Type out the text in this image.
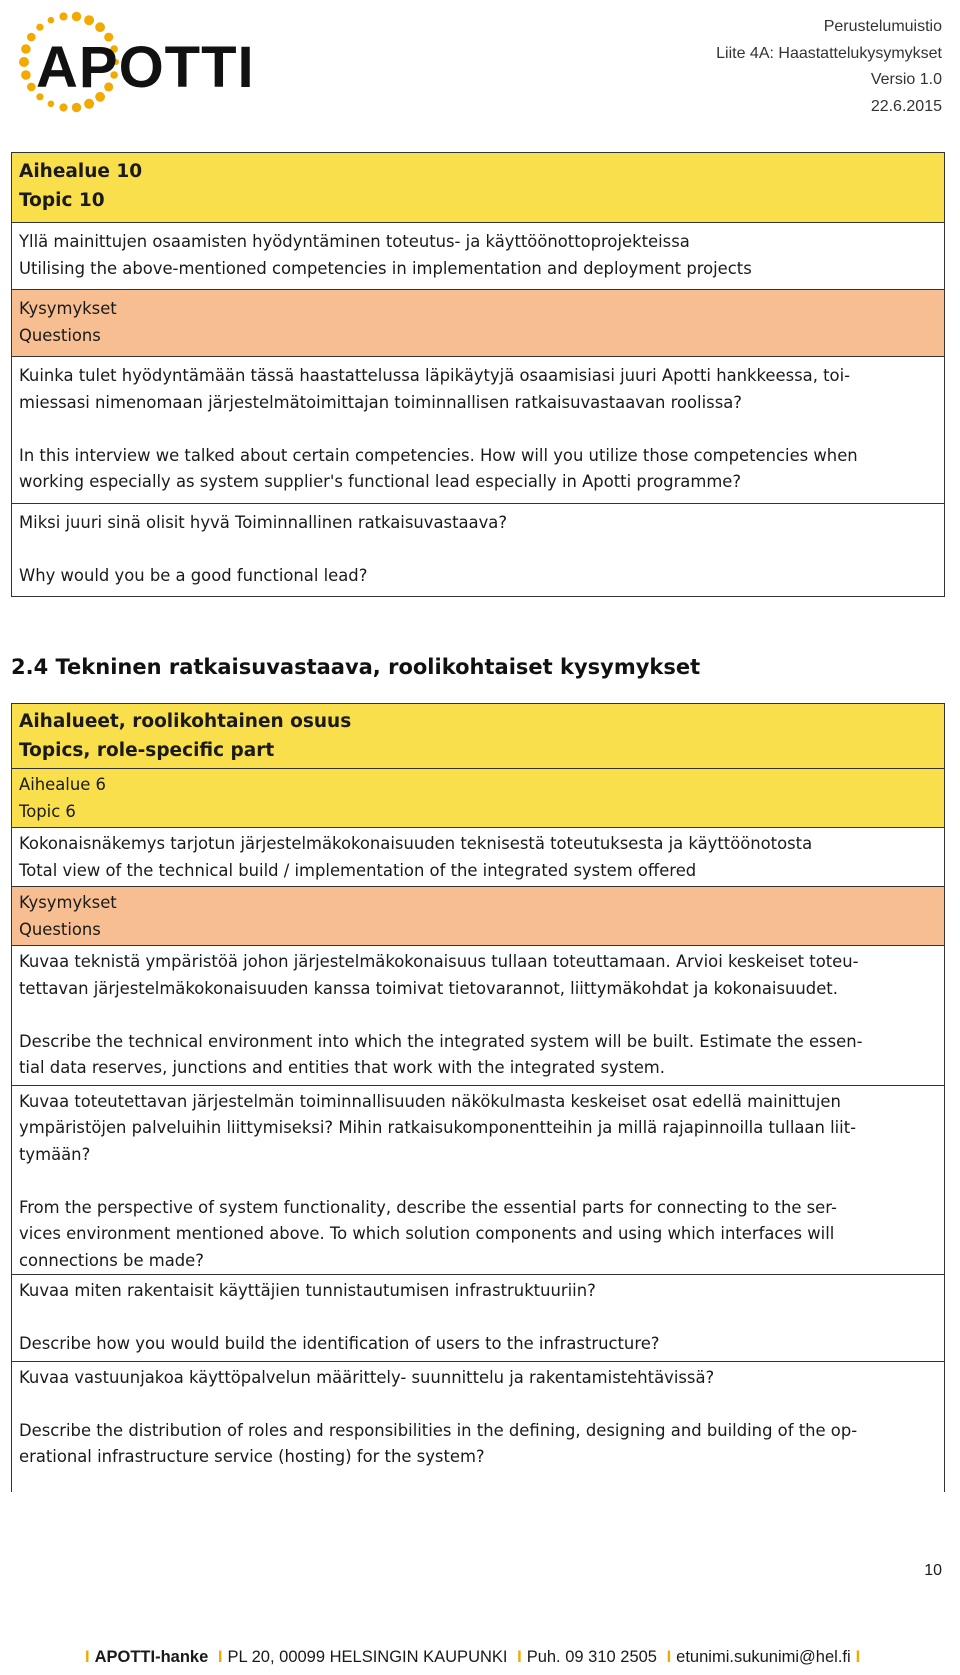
APOTTI
Perustelumuistio
Liite 4A: Haastattelukysymykset
Versio 1.0
22.6.2015

Aihealue 10

Topic 10

Yllä mainittujen osaamisten hyödyntäminen toteutus- ja käyttöönottoprojekteissa

Utilising the above-mentioned competencies in implementation and deployment projects

Kysymykset

Questions

Kuinka tulet hyödyntämään tässä haastattelussa läpikäytyjä osaamisiasi juuri Apotti hankkeessa, toi-

miessasi nimenomaan järjestelmätoimittajan toiminnallisen ratkaisuvastaavan roolissa?

In this interview we talked about certain competencies. How will you utilize those competencies when

working especially as system supplier's functional lead especially in Apotti programme?

Miksi juuri sinä olisit hyvä Toiminnallinen ratkaisuvastaava?

Why would you be a good functional lead?

2.4 Tekninen ratkaisuvastaava, roolikohtaiset kysymykset

Aihalueet, roolikohtainen osuus

Topics, role-specific part

Aihealue 6

Topic 6

Kokonaisnäkemys tarjotun järjestelmäkokonaisuuden teknisestä toteutuksesta ja käyttöönotosta

Total view of the technical build / implementation of the integrated system offered

Kysymykset

Questions

Kuvaa teknistä ympäristöä johon järjestelmäkokonaisuus tullaan toteuttamaan. Arvioi keskeiset toteu-

tettavan järjestelmäkokonaisuuden kanssa toimivat tietovarannot, liittymäkohdat ja kokonaisuudet.

Describe the technical environment into which the integrated system will be built. Estimate the essen-

tial data reserves, junctions and entities that work with the integrated system.

Kuvaa toteutettavan järjestelmän toiminnallisuuden näkökulmasta keskeiset osat edellä mainittujen

ympäristöjen palveluihin liittymiseksi? Mihin ratkaisukomponentteihin ja millä rajapinnoilla tullaan liit-

tymään?

From the perspective of system functionality, describe the essential parts for connecting to the ser-

vices environment mentioned above. To which solution components and using which interfaces will

connections be made?

Kuvaa miten rakentaisit käyttäjien tunnistautumisen infrastruktuuriin?

Describe how you would build the identification of users to the infrastructure?

Kuvaa vastuunjakoa käyttöpalvelun määrittely- suunnittelu ja rakentamistehtävissä?

Describe the distribution of roles and responsibilities in the defining, designing and building of the op-

erational infrastructure service (hosting) for the system?

10
I APOTTI-hanke I PL 20, 00099 HELSINGIN KAUPUNKI I Puh. 09 310 2505 I etunimi.sukunimi@hel.fi I
